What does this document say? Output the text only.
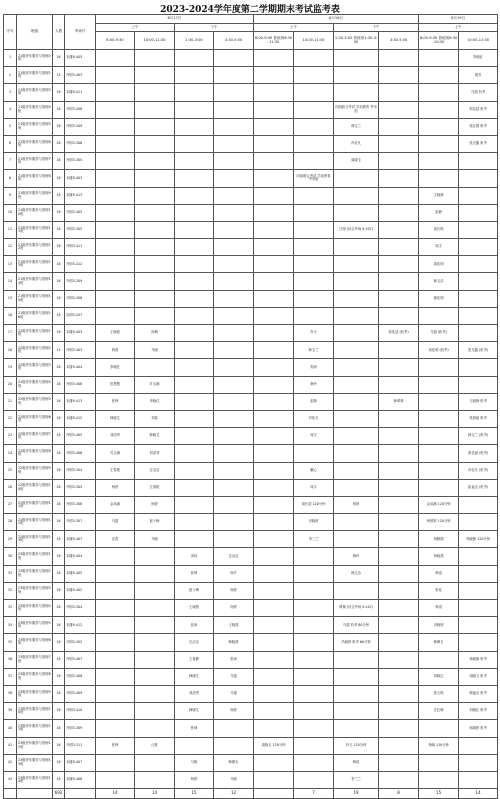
2023-2024学年度第二学期期末考试监考表
序号	班级	人数	考场号	6月17日				6月18日				6月19日	
				上午		下午		上午		下午		上午	
				8:00-9:30	10:00-11:30	1:30-3:00	3:30-5:00	8:00-9:30 普统规8:30-11:30	10:00-11:30	1:30-3:00 普统规1:30-3:30	3:30-5:00	8:00-9:30 普统规8:30-10:30	10:00-11:30
1	21级老年服务与管理2班	16	本楼9-405										李晓红
2	21级老年服务与管理1班	15	开明3-403										胡芳
3	21级老年服务与管理3班	16	本楼9-411										马超 机考
4	21级老年服务与管理4班	16	开明3-208							四组联合考试 学前教育 考务组			郭兆廷 机考
5	21级老年服务与管理5班	16	开明3-209							韩玉兰			张红娟 机考
6	21级老年服务与管理6班	16	开明3-306							肖佳凡			张光鑫 机考
7	21级老年服务与管理7班	16	开明3-305							周晓玉			
8	21级老年服务与管理8班	16	本楼9-403						四组联合考试 学前教育 考务组				
9	21级老年服务与管理9班	16	本楼9-413									王晓静	
10	21级老年服务与管理10班	16	开明3-405									彭静	
11	21级老年服务与管理11班	16	开明3-305							日照 (综合考场 9-207)		周长艳	
12	21级老年服务与管理12班	16	开明3-411									周宇	
13	21级老年服务与管理13班	16	开明3-412									周佳明	
14	21级老年服务与管理14班	16	开明3-209									韩玉洁	
15	21级老年服务与管理15班	16	开明3-306									姚佳明	
16	21级老年服务与管理16班	16	启明3-207										
17	22级老年服务与管理1班	16	本楼9-403	王晓燕	杨梅				肖天		郭兆廷 (机考)	马超 (机考)	
18	22级老年服务与管理2班	15	开明3-403	秋燕	马晓				韩玉兰			周佳明 (机考)	张光鑫 (机考)
19	22级老年服务与管理3班	16	本楼9-404	李晓红					郭涛				
20	22级老年服务与管理4班	16	开明3-408	贺慧慧	苏玉满				韩玲				
21	22级老年服务与管理5班	16	本楼9-413	张坤	李晓红				彭静		韩翠翠		王晓静 机考
22	22级老年服务与管理6班	16	本楼9-412	韩晓艾	刘春				肖佳凡				张晨丽 机考
23	22级老年服务与管理7班	16	开明3-405	刘清秀	韩晓艾				周宇				韩玉兰 (机考)
24	22级老年服务与管理8班	16	开明3-406	苏玉满	刘清秀								张佳丽 (机考)
25	22级老年服务与管理9班	16	开明3-304	左春艳	汪洁洁				戴心				肖佳凡 (机考)
26	22级老年服务与管理10班	16	开明3-305	杨婷	左春艳				周宇				崔福全 (机考)
27	22级老年服务与管理11班	16	开明3-308	金凤满	杨婷				周长清 120分钟	杨婷		金凤满 120分钟	
28	22级老年服务与管理12班	16	开明3-307	马超	留十梅				冯晓婷			杨婷婷 120分钟	
29	22级老年服务与管理13班	16	本楼9-407	汪燕	马晓				李三兰			杨勤娟	郭晓静 120分钟
30	23级老年服务与管理1班	16	本楼9-404			刘伟	汪洁洁			韩玲		杨晓燕	
31	23级老年服务与管理2班	16	本楼9-405			张坤	杨芹			韩玉洁		韩清	
32	23级老年服务与管理3班	16	本楼9-402			留十梅	杨婷					张佳	
33	23级老年服务与管理4班	16	开明3-304			王晓燕	杨婷			网课 (综合考场 9-207)		韩清	
34	23级老年服务与管理5班	16	本楼9-412			张涛	王晓燕			马超 机考 60分钟		冯晓婷	
35	23级老年服务与管理6班	16	开明3-305			汪洁洁	韩晓燕			冯晓婷 机考 60分钟		韩佩玉	
36	23级老年服务与管理7班	16	开明3-407			王春静	张涛						杨晓静 机考
37	23级老年服务与管理8班	16	开明3-408			韩晓艾	马超					刘晓红	周晓玉 机考
38	23级老年服务与管理9班	16	开明3-409			刘清秀	马超					郭元艳	韩福全 机考
39	23级老年服务与管理10班	16	开明3-410			韩晓艾	杨婷					庄红梅	刘晓红 机考
40	23级老年服务与管理11班	16	开明3-309			张坤							郭晓婷 机考
41	23级老年服务与管理12班	16	开明3-311	张坤	汪燕			周晓玉 120分钟		肖天 120分钟		杨晓 120分钟	
42	23级老年服务与管理13班	16	本楼9-407			马晓	韩佩玉			韩清			
43	23级老年服务与管理14班	16	本楼9-408			杨婷	马晓			李三兰			
		692		14	14	15	12		7	19	8	15	14
